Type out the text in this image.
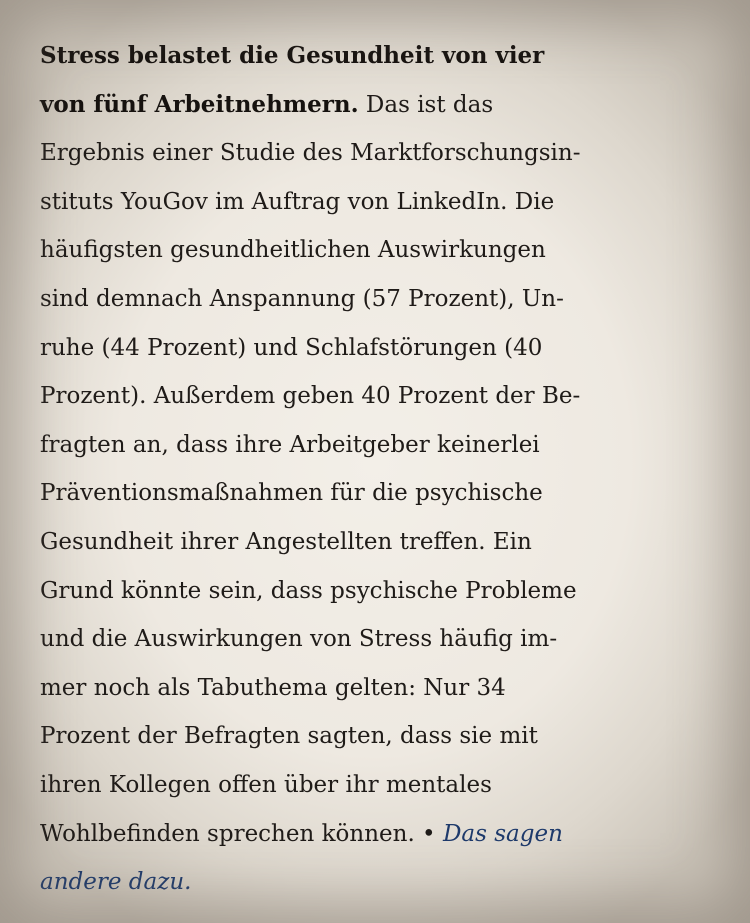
Stress belastet die Gesundheit von vier
von fünf Arbeitnehmern. Das ist das
Ergebnis einer Studie des Marktforschungsin-
stituts YouGov im Auftrag von LinkedIn. Die
häufigsten gesundheitlichen Auswirkungen
sind demnach Anspannung (57 Prozent), Un-
ruhe (44 Prozent) und Schlafstörungen (40
Prozent). Außerdem geben 40 Prozent der Be-
fragten an, dass ihre Arbeitgeber keinerlei
Präventionsmaßnahmen für die psychische
Gesundheit ihrer Angestellten treffen. Ein
Grund könnte sein, dass psychische Probleme
und die Auswirkungen von Stress häufig im-
mer noch als Tabuthema gelten: Nur 34
Prozent der Befragten sagten, dass sie mit
ihren Kollegen offen über ihr mentales
Wohlbefinden sprechen können. • Das sagen
andere dazu.
